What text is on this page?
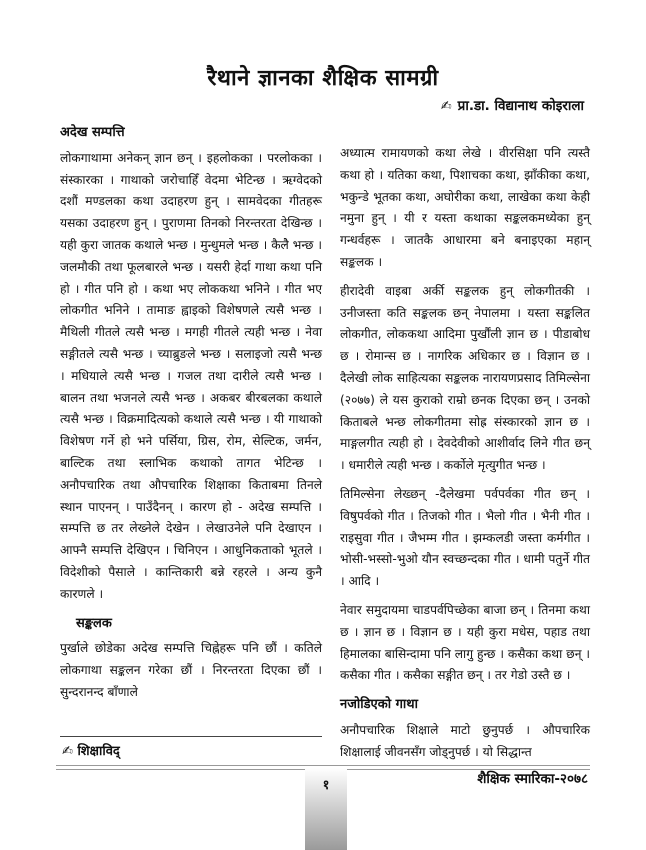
रैथाने ज्ञानका शैक्षिक सामग्री
✍ प्रा.डा. विद्यानाथ कोइराला
अदेख सम्पत्ति

लोकगाथामा अनेकन् ज्ञान छन् । इहलोकका । परलोकका । संस्कारका । गाथाको जरोचाहिँ वेदमा भेटिन्छ । ऋग्वेदको दशौं मण्डलका कथा उदाहरण हुन् । सामवेदका गीतहरू यसका उदाहरण हुन् । पुराणमा तिनको निरन्तरता देखिन्छ । यही कुरा जातक कथाले भन्छ । मुन्धुमले भन्छ । कैलेै भन्छ । जलमौकी तथा फूलबारले भन्छ । यसरी हेर्दा गाथा कथा पनि हो । गीत पनि हो । कथा भए लोककथा भनिने । गीत भए लोकगीत भनिने । तामाङ ह्वाइको विशेषणले त्यसै भन्छ । मैथिली गीतले त्यसै भन्छ । मगही गीतले त्यही भन्छ । नेवा सङ्गीतले त्यसै भन्छ । च्याब्रुङले भन्छ । सलाइजो त्यसै भन्छ । मधियाले त्यसै भन्छ । गजल तथा दारीले त्यसै भन्छ । बालन तथा भजनले त्यसै भन्छ । अकबर बीरबलका कथाले त्यसै भन्छ । विक्रमादित्यको कथाले त्यसै भन्छ । यी गाथाको विशेषण गर्ने हो भने पर्सिया, ग्रिस, रोम, सेल्टिक, जर्मन, बाल्टिक तथा स्लाभिक कथाको तागत भेटिन्छ । अनौपचारिक तथा औपचारिक शिक्षाका किताबमा तिनले स्थान पाएनन् । पाउँदैनन् । कारण हो - अदेख सम्पत्ति । सम्पत्ति छ तर लेख्नेले देखेन । लेखाउनेले पनि देखाएन । आफ्नै सम्पत्ति देखिएन । चिनिएन । आधुनिकताको भूतले । विदेशीको पैसाले । कान्तिकारी बन्ने रहरले । अन्य कुनै कारणले ।

सङ्कलक

पुर्खाले छोडेका अदेख सम्पत्ति चिह्नेहरू पनि छौं । कतिले लोकगाथा सङ्कलन गरेका छौं । निरन्तरता दिएका छौं । सुन्दरानन्द बाँणाले

✍ शिक्षाविद्

अध्यात्म रामायणको कथा लेखे । वीरसिक्षा पनि त्यस्तै कथा हो । यतिका कथा, पिशाचका कथा, झाँकीका कथा, भकुन्डे भूतका कथा, अघोरीका कथा, लाखेका कथा केही नमुना हुन् । यी र यस्ता कथाका सङ्कलकमध्येका हुन् गन्धर्वहरू । जातकै आधारमा बने बनाइएका महान् सङ्कलक ।

हीरादेवी वाइबा अर्की सङ्कलक हुन् लोकगीतकी । उनीजस्ता कति सङ्कलक छन् नेपालमा । यस्ता सङ्कलित लोकगीत, लोककथा आदिमा पुर्खौंली ज्ञान छ । पीडाबोध छ । रोमान्स छ । नागरिक अधिकार छ । विज्ञान छ । दैलेखी लोक साहित्यका सङ्कलक नारायणप्रसाद तिमिल्सेना (२०७७) ले यस कुराको राम्रो छनक दिएका छन् । उनको किताबले भन्छ लोकगीतमा सोह्र संस्कारको ज्ञान छ । माङ्गलगीत त्यही हो । देवदेवीको आशीर्वाद लिने गीत छन् । धमारीले त्यही भन्छ । कर्कोले मृत्युगीत भन्छ ।

तिमिल्सेना लेख्छन् -दैलेखमा पर्वपर्वका गीत छन् । विषुपर्वको गीत । तिजको गीत । भैलो गीत । भैनी गीत । राइसुवा गीत । जैभम्म गीत । झम्कलडी जस्ता कर्मगीत । भोसी-भस्सो-भुओ यौन स्वच्छन्दका गीत । धामी पतुर्ने गीत । आदि ।

नेवार समुदायमा चाडपर्वपिच्छेका बाजा छन् । तिनमा कथा छ । ज्ञान छ । विज्ञान छ । यही कुरा मधेस, पहाड तथा हिमालका बासिन्दामा पनि लागु हुन्छ । कसैका कथा छन् । कसैका गीत । कसैका सङ्गीत छन् । तर गेडो उस्तै छ ।

नजोडिएको गाथा

अनौपचारिक शिक्षाले माटो छुनुपर्छ । औपचारिक शिक्षालाई जीवनसँग जोड्नुपर्छ । यो सिद्धान्त

१	शैक्षिक स्मारिका-२०७८
